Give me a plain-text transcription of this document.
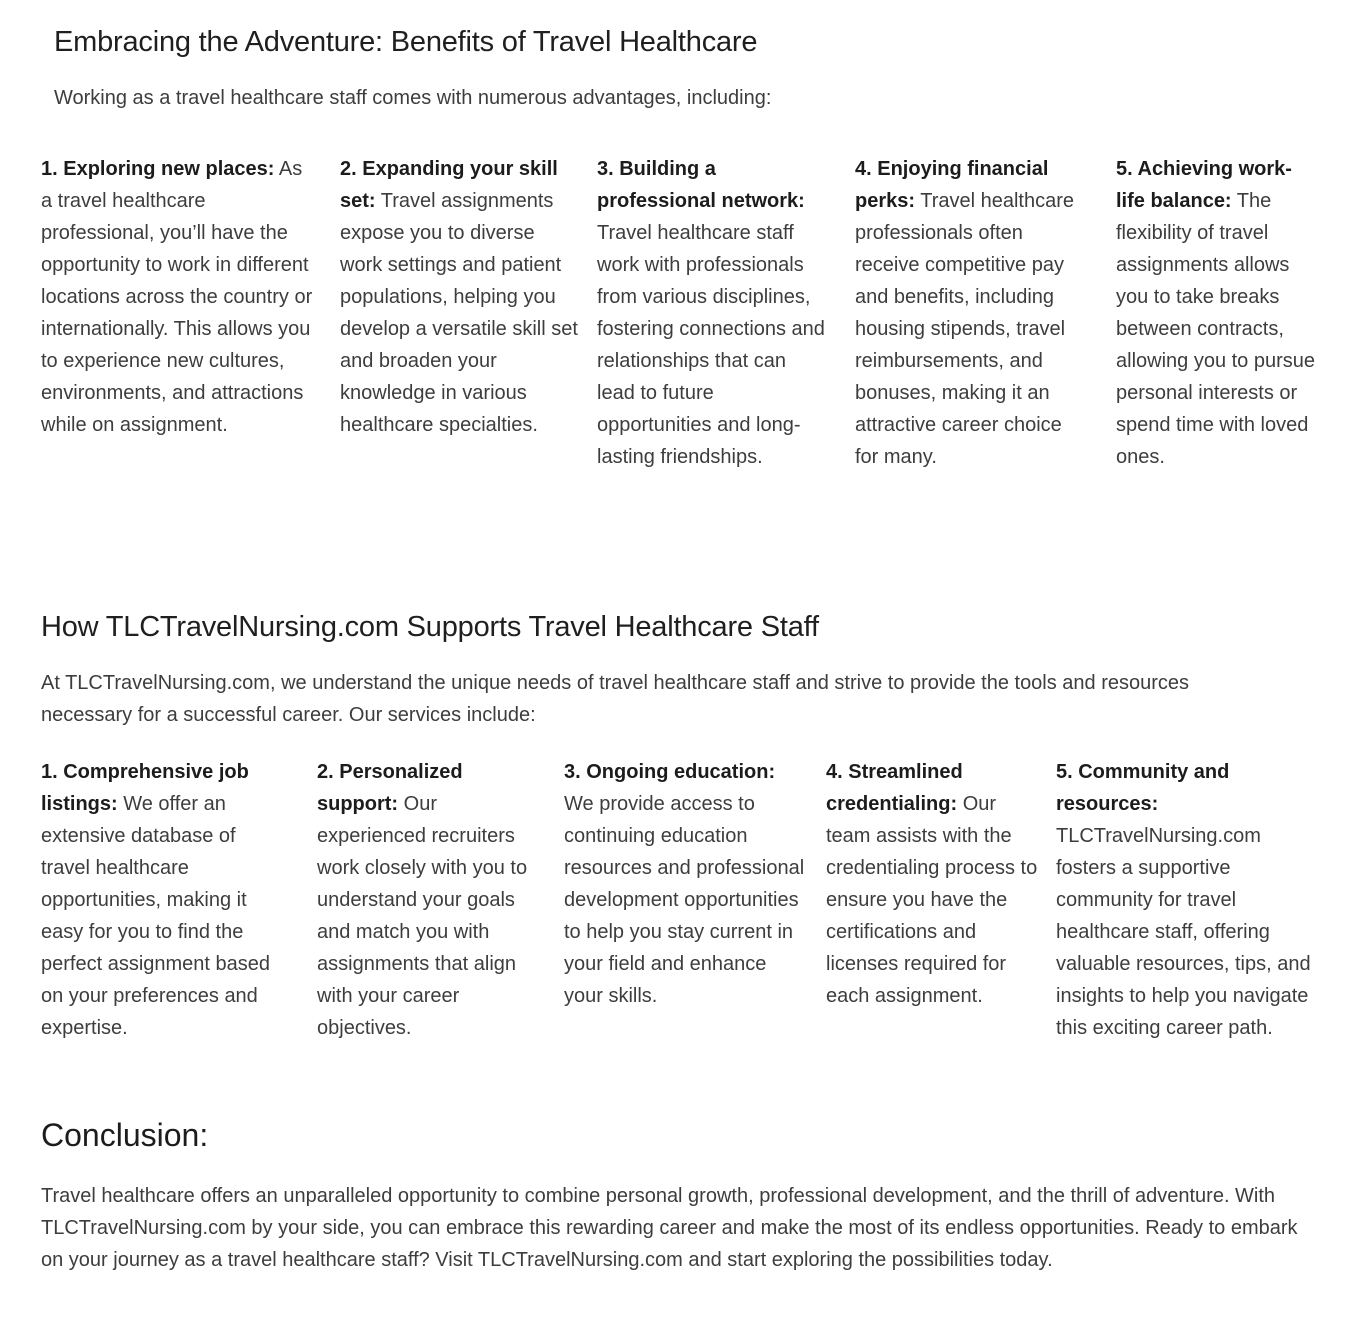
Embracing the Adventure: Benefits of Travel Healthcare

Working as a travel healthcare staff comes with numerous advantages, including:

1. Exploring new places: As a travel healthcare professional, you’ll have the opportunity to work in different locations across the country or internationally. This allows you to experience new cultures, environments, and attractions while on assignment.
2. Expanding your skill set: Travel assignments expose you to diverse work settings and patient populations, helping you develop a versatile skill set and broaden your knowledge in various healthcare specialties.
3. Building a professional network: Travel healthcare staff work with professionals from various disciplines, fostering connections and relationships that can lead to future opportunities and long-lasting friendships.
4. Enjoying financial perks: Travel healthcare professionals often receive competitive pay and benefits, including housing stipends, travel reimbursements, and bonuses, making it an attractive career choice for many.
5. Achieving work-life balance: The flexibility of travel assignments allows you to take breaks between contracts, allowing you to pursue personal interests or spend time with loved ones.
How TLCTravelNursing.com Supports Travel Healthcare Staff

At TLCTravelNursing.com, we understand the unique needs of travel healthcare staff and strive to provide the tools and resources necessary for a successful career. Our services include:

1. Comprehensive job listings: We offer an extensive database of travel healthcare opportunities, making it easy for you to find the perfect assignment based on your preferences and expertise.
2. Personalized support: Our experienced recruiters work closely with you to understand your goals and match you with assignments that align with your career objectives.
3. Ongoing education: We provide access to continuing education resources and professional development opportunities to help you stay current in your field and enhance your skills.
4. Streamlined credentialing: Our team assists with the credentialing process to ensure you have the certifications and licenses required for each assignment.
5. Community and resources: TLCTravelNursing.com fosters a supportive community for travel healthcare staff, offering valuable resources, tips, and insights to help you navigate this exciting career path.
Conclusion:

Travel healthcare offers an unparalleled opportunity to combine personal growth, professional development, and the thrill of adventure. With TLCTravelNursing.com by your side, you can embrace this rewarding career and make the most of its endless opportunities. Ready to embark on your journey as a travel healthcare staff? Visit TLCTravelNursing.com and start exploring the possibilities today.
